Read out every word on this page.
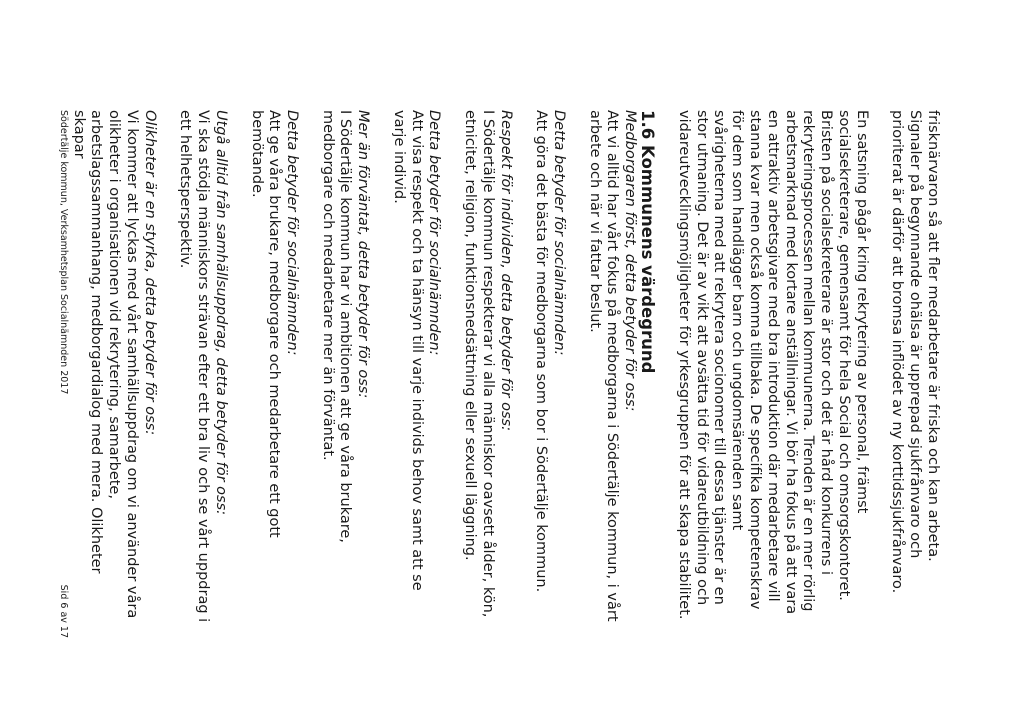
frisknärvaron så att fler medarbetare är friska och kan arbeta. Signaler på begynnande ohälsa är upprepad sjukfrånvaro och prioriterat är därför att bromsa inflödet av ny korttidssjukfrånvaro.

En satsning pågår kring rekrytering av personal, främst socialsekreterare, gemensamt för hela Social och omsorgskontoret. Bristen på socialsekreterare är stor och det är hård konkurrens i rekryteringsprocessen mellan kommunerna. Trenden är en mer rörlig arbetsmarknad med kortare anställningar. Vi bör ha fokus på att vara en attraktiv arbetsgivare med bra introduktion där medarbetare vill stanna kvar men också komma tillbaka. De specifika kompetenskrav för dem som handlägger barn och ungdomsärenden samt svårigheterna med att rekrytera socionomer till dessa tjänster är en stor utmaning. Det är av vikt att avsätta tid för vidareutbildning och vidareutvecklingsmöjligheter för yrkesgruppen för att skapa stabilitet.

1.6 Kommunens värdegrund
Medborgaren först, detta betyder för oss:

Att vi alltid har vårt fokus på medborgarna i Södertälje kommun, i vårt arbete och när vi fattar beslut.

Detta betyder för socialnämnden:

Att göra det bästa för medborgarna som bor i Södertälje kommun.

Respekt för individen, detta betyder för oss:

I Södertälje kommun respekterar vi alla människor oavsett ålder, kön, etnicitet, religion, funktionsnedsättning eller sexuell läggning.

Detta betyder för socialnämnden:

Att visa respekt och ta hänsyn till varje individs behov samt att se varje individ.

Mer än förväntat, detta betyder för oss:

I Södertälje kommun har vi ambitionen att ge våra brukare, medborgare och medarbetare mer än förväntat.

Detta betyder för socialnämnden:

Att ge våra brukare, medborgare och medarbetare ett gott bemötande.

Utgå alltid från samhällsuppdrag, detta betyder för oss:

Vi ska stödja människors strävan efter ett bra liv och se vårt uppdrag i ett helhetsperspektiv.

Olikheter är en styrka, detta betyder för oss:

Vi kommer att lyckas med vårt samhällsuppdrag om vi använder våra olikheter i organisationen vid rekrytering, samarbete, arbetslagssammanhang, medborgardialog med mera. Olikheter skapar

Södertälje kommun, Verksamhetsplan Socialnämnden 2017
Sid 6 av 17
